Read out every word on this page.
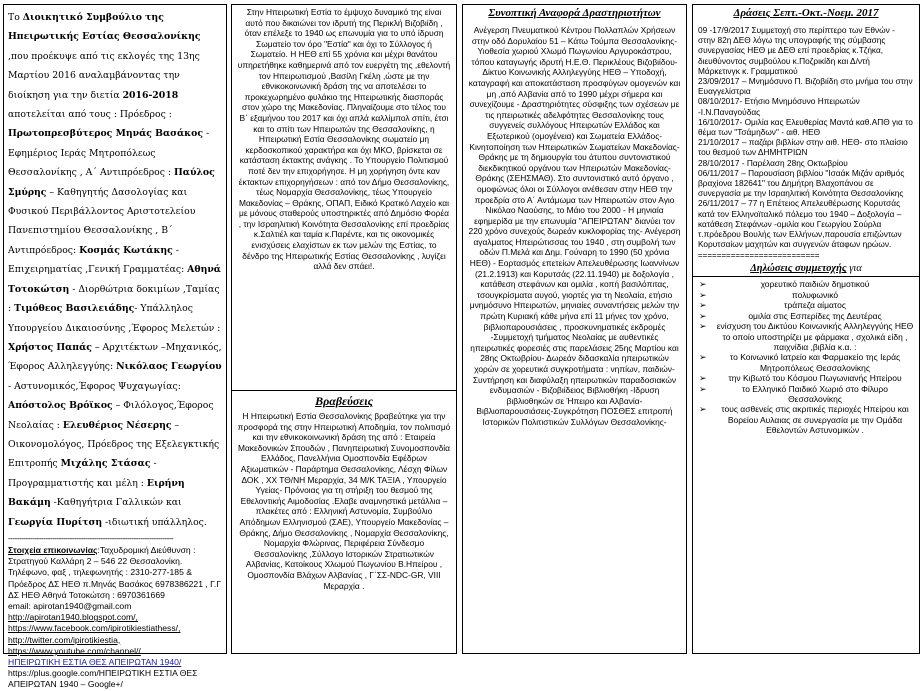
Το Διοικητικό Συμβούλιο της Ηπειρωτικής Εστίας Θεσσαλονίκης ,που προέκυψε από τις εκλογές της 13ης Μαρτίου 2016 αναλαμβάνοντας την διοίκηση για την διετία 2016-2018 αποτελείται από τους : Πρόεδρος : Πρωτοπρεσβύτερος Μηνάς Βασάκος - Εφημέριος Ιεράς Μητροπόλεως Θεσσαλονίκης , Α΄ Αντιπρόεδρος : Παύλος Σμύρης – Καθηγητής Δασολογίας και Φυσικού Περιβάλλοντος Αριστοτελείου Πανεπιστημίου Θεσσαλονίκης , Β΄ Αντιπρόεδρος: Κοσμάς Κωτάκης - Επιχειρηματίας ,Γενική Γραμματέας: Αθηνά Τοτοκώτση - Διορθώτρια δοκιμίων ,Ταμίας : Τιμόθεος Βασιλειάδης- Υπάλληλος Υπουργείου Δικαιοσύνης ,Έφορος Μελετών : Χρήστος Παπάς – Αρχιτέκτων –Μηχανικός, Έφορος Αλληλεγγύης: Νικόλαος Γεωργίου - Αστυνομικός,Έφορος Ψυχαγωγίας: Απόστολος Βρόϊκος – Φιλόλογος,Έφορος Νεολαίας : Ελευθέριος Νέσερης – Οικονομολόγος, Πρόεδρος της Εξελεγκτικής Επιτροπής Μιχάλης Στάσας - Προγραμματιστής και μέλη : Ειρήνη Βακάμη -Καθηγήτρια Γαλλικών και Γεωργία Πυρίτση -ιδιωτική υπάλληλος.

---------------------------------------------------------------------------
Στοιχεία επικοινωνίας:Ταχυδρομική Διεύθυνση : Στρατηγού Καλλάρη 2 – 546 22 Θεσσαλονίκη. Τηλέφωνο, φαξ , τηλεφωνητής : 2310-277-185 & Πρόεδρος ΔΣ ΗΕΘ π.Μηνάς Βασάκος 6978386221 , Γ.Γ ΔΣ ΗΕΘ Αθηνά Τοτοκώτση : 6970361669
email: apirotan1940@gmail.com
http://apirotan1940.blogspot.com/,
https://www.facebook.com/ipirotikiestiathess/,
http://twitter.com/ipirotikiestia,
https://www.youtube.com/channel//
ΗΠΕΙΡΩΤΙΚΗ ΕΣΤΙΑ ΘΕΣ ΑΠΕΙΡΩΤΑΝ 1940/
https://plus.google.com/ΗΠΕΙΡΩΤΙΚΗ ΕΣΤΙΑ ΘΕΣ ΑΠΕΙΡΩΤΑΝ 1940 – Google+/
Στην Ηπειρωτική Εστία το έμψυχο δυναμικό της είναι αυτό που δικαιώνει τον ιδρυτή της Περικλή Βιζοβιίδη , όταν επέλεξε το 1940 ως επωνυμία για το υπό ίδρυση Σωματείο τον όρο "Εστία" και όχι το Σύλλογος ή Σωματείο. Η ΗΕΘ επί 55 χρόνια και μέχρι θανάτου υπηρετήθηκε καθημερινά από τον ευεργέτη της ,εθελοντή τον Ηπειρωτισμού ,Βασίλη Γκέλη ,ώστε με την εθνικοκοινωνική δράση της να αποτελέσει το προκεχωρημένο φυλάκιο της Ηπειρωτικής διασποράς στον χώρο της Μακεδονίας. Πληναίζουμε στο τέλος του Β΄ εξαμήνου του 2017 και όχι απλά καλλίμπολ σπίτι, έτσι και το σπίτι των Ηπειρωτών της Θεσσαλονίκης, η Ηπειρωτική Εστία Θεσσαλονίκης σωματείο μη κερδοσκοπικού χαρακτήρα και όχι ΜΚΟ, βρίσκεται σε κατάσταση έκτακτης ανάγκης . Το Υπουργείο Πολιτισμού ποτέ δεν την επιχορήγησε. Η μη χορήγηση όντε καν έκτακτων επιχορηγήσεων : από τον Δήμο Θεσσαλονίκης, τέως Νομαρχία Θεσσαλονίκης, τέως Υπουργείο Μακεδονίας – Θράκης, ΟΠΑΠ, Ειδικό Κρατικό Λαχείο και με μόνους σταθερούς υποστηρικτές από Δημόσιο Φορέα , την Ισραηλιτική Κοινότητα Θεσσαλονίκης επί προεδρίας κ.Σαλτιέλ και ταμία κ.Παρέντε, και τις οικονομικές ενισχύσεις ελαχίστων εκ των μελών της Εστίας, το δένδρο της Ηπειρωτικής Εστίας Θεσσαλονίκης , λυγίζει αλλά δεν σπάει!.
Βραβεύσεις
Η Ηπειρωτική Εστία Θεσσαλονίκης βραβεύτηκε για την προσφορά της στην Ηπειρωτική Αποδημία, τον πολιτισμό και την εθνικοκοινωνική δράση της από : Εταιρεία Μακεδονικών Σπουδών , Πανηπειρωτική Συνομοσπονδία Ελλάδος, Πανελλήνια Ομοσπονδία Εφέδρων Αξιωματικών - Παράρτημα Θεσσαλονίκης, Λέσχη Φίλων ΔΟΚ , ΧΧ ΤΘ/ΝΗ Μεραρχία, 34 Μ/Κ ΤΑΞΙΑ , Υπουργείο Υγείας- Πρόνοιας για τη στήριξη του θεσμού της Εθελοντικής Αιμοδοσίας .Ελαβε αναμνηστικά μετάλλια – πλακέτες από : Ελληνική Αστυνομία, Συμβούλιο Απόδημων Ελληνισμού (ΣΑΕ), Υπουργείο Μακεδονίας – Θράκης, Δήμο Θεσσαλονίκης , Νομαρχία Θεσσαλονίκης, Νομαρχία Φλώρινας, Περιφέρεια Σύνδεσμο Θεσσαλονίκης ,Σύλλογο Ιστορικών Στρατιωτικών Αλβανίας, Κατοίκους Χλωμού Πωγωνίου Β.Ηπείρου , Ομοσπονδία Βλάχων Αλβανίας , Γ΄ΣΣ-NDC-GR, VIII Μεραρχία .
Συνοπτική Αναφορά Δραστηριοτήτων
Ανέγερση Πνευματικού Κέντρου Πολλαπλών Χρήσεων στην οδό Δορυλαίου 51 – Κάτω Τούμπα Θεσσαλονίκης- Υιοθεσία χωριού Χλωμό Πωγωνίου Αργυροκάστρου, τόπου καταγωγής ιδρυτή Η.Ε.Θ. Περικλέους Βιζοβιίδου- Δίκτυο Κοινωνικής Αλληλεγγύης ΗΕΘ – Υποδοχή, καταγραφή και αποκατάσταση προσφύγων ομογενών και μη ,από Αλβανία από το 1990 μέχρι σήμερα και συνεχίζουμε - Δραστηριότητες σύσφιξης των σχέσεων με τις ηπειρωτικές αδελφότητες Θεσσαλονίκης τους συγγενείς συλλόγους Ηπειρωτών Ελλάδος και Εξωτερικού (ομογένεια) και Σωματεία Ελλάδος- Κινητοποίηση των Ηπειρωτικών Σωματείων Μακεδονίας-Θράκης με τη δημιουργία του άτυπου συντονιστικού διεκδικητικού οργάνου των Ηπειρωτών Μακεδονίας- Θράκης (ΣΕΗΣΜΑΘ). Στο συντονιστικό αυτό όργανο , ομοφώνως όλοι οι Σύλλογοι ανέθεσαν στην ΗΕΘ την προεδρία στο Α΄ Αντάμωμα των Ηπειρωτών στον Αγιο Νικόλαο Ναούσης, το Μάιο του 2000 - Η μηνιαία εφημερίδα με την επωνυμία "ΑΠΕΙΡΩΤΑΝ" διανύει τον 220 χρόνο συνεχούς δωρεάν κυκλοφορίας της- Ανέγερση αγαλματος Ηπειρώτισσας του 1940 , στη συμβολή των οδών Π.Μελά και Δημ. Γούναρη το 1990 (50 χρόνια ΗΕΘ) - Εορτασμός επετείων Απελευθέρωσης Ιωαννίνων (21.2.1913) και Κορυτσάς (22.11.1940) με δοξολογία , κατάθεση στεφάνων και ομιλία , κοπή βασιλόπιτας, τσουγκρίσματα αυγού, γιορτές για τη Νεολαία, ετήσιο μνημόσυνο Ηπειρωτών, μηνιαίες συναντήσεις μελών την πρώτη Κυριακή κάθε μήνα επί 11 μήνες τον χρόνο, βιβλιοπαρουσιάσεις , προσκυνηματικές εκδρομές -Συμμετοχή τμήματος Νεολαίας με αυθεντικές ηπειρωτικές φορεσιές στις παρελάσεις 25ης Μαρτίου και 28ης Οκτωβρίου- Δωρεάν διδασκαλία ηπειρωτικών χορών σε χορευτικά συγκροτήματα : νηπίων, παιδιών-Συντήρηση και διαφύλαξη ηπειρωτικών παραδοσιακών ενδυμασιών - Βιζοβιίδειος Βιβλιοθήκη -Ιδρυση βιβλιοθηκών σε Ήπειρο και Αλβανία- Βιβλιοπαρουσιάσεις-Συγκρότηση ΠΟΣΘΕΣ επιτροπή Ιστορικών Πολιτιστικών Συλλόγων Θεσσαλονίκης-
Δράσεις Σεπτ.-Οκτ.-Νοεμ. 2017

09 -17/9/2017 Συμμετοχή στο περίπτερο των Εθνών - στην 82η ΔΕΘ λόγω της υπογραφής της σύμβασης συνεργασίας ΗΕΘ με ΔΕΘ επί προεδρίας κ.Τζήκα, διευθύνοντος συμβούλου κ.Ποζρικίδη και Δ/ντή Μάρκετινγκ κ. Γραμματικού

23/09/2017 – Μνημόσυνο Π. Βιζοβιίδη στο μνήμα του στην Ευαγγελίστρια

08/10/2017- Ετήσιο Μνημόσυνο Ηπειρωτών -Ι.Ν.Παναγούδας

16/10/2017- Ομιλία κας Ελευθερίας Μαντά καθ.ΑΠΘ για το θέμα των "Τσάμηδων" - αιθ. ΗΕΘ

21/10/2017 – παζάρι βιβλίων στην αιθ. ΗΕΘ- στο πλαίσιο του θεσμού των ΔΗΜΗΤΡΙΩΝ

28/10/2017 - Παρέλαση 28ης Οκτωβρίου

06/11/2017 – Παρουσίαση βιβλίου "Ισαάκ Μιζάν αριθμός βραχίονα 182641" του Δημήτρη Βλαχοπάνου σε συνεργασία με την Ισραηλιτική Κοινότητα Θεσσαλονίκης

26/11/2017 – 77 η Επέτειος Απελευθέρωσης Κορυτσάς κατά τον Ελληνοϊταλικό πόλεμο του 1940 – Δοξολογία – κατάθεση Στεφάνων -ομιλία κου Γεωργίου Σούρλα τ.πρόεδρου Βουλής των Ελλήνων,παρουσία επιζώντων Κορυτσαίων μαχητών και συγγενών άταφων ηρώων.

==========================
Δηλώσεις συμμετοχής για
➢ χορευτικό παιδιών δημοτικού
➢ πολυφωνικό
➢ τράπεζα αίματος
➢ ομιλία στις Εσπερίδες της Δευτέρας
➢ ενίσχυση του Δικτύου Κοινωνικής Αλληλεγγύης ΗΕΘ το οποίο υποστηρίζει με φάρμακα , σχολικά είδη , παιχνίδια ,βιβλία κ.α. :
➢ το Κοινωνικό Ιατρείο και Φαρμακείο της Ιεράς Μητροπόλεως Θεσσαλονίκης
➢ την Κιβωτό του Κόσμου Πωγωνιανής Ηπείρου
➢ το Ελληνικό Παιδικό Χωριό στο Φίλυρο Θεσσαλονίκης
➢ τους ασθενείς στις ακριτικές περιοχές Ηπείρου και Βορείου Αυλαιας σε συνεργασία με την Ομάδα Εθελοντών Αστυνομικών .
